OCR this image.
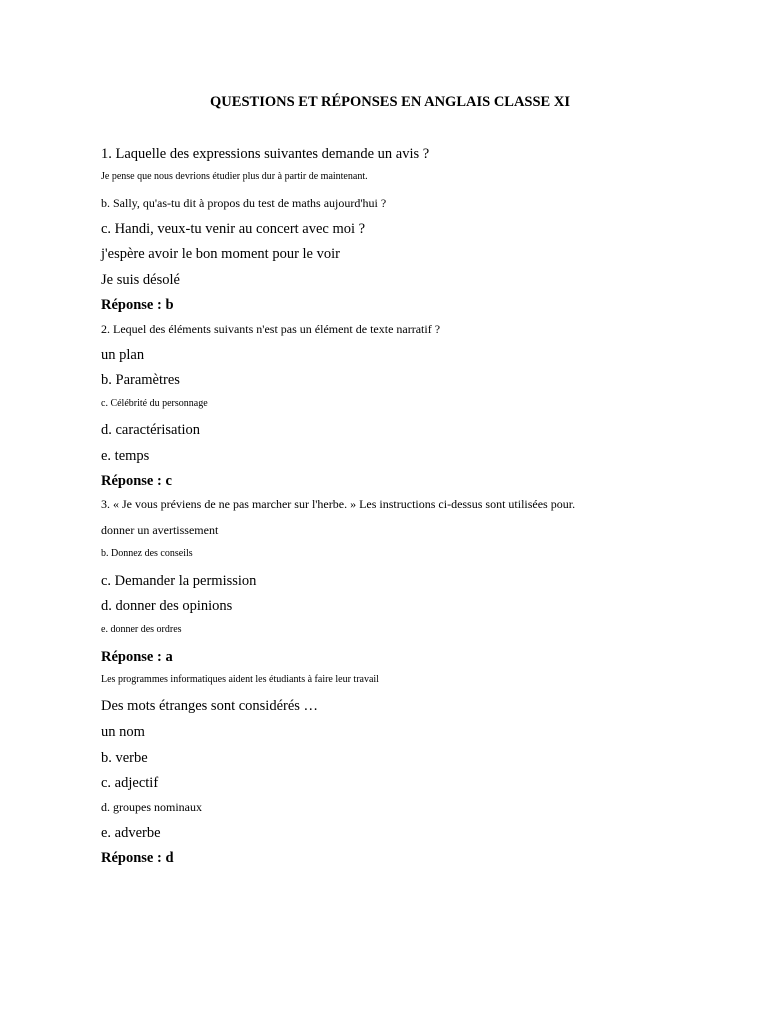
QUESTIONS ET RÉPONSES EN ANGLAIS CLASSE XI
1. Laquelle des expressions suivantes demande un avis ?
Je pense que nous devrions étudier plus dur à partir de maintenant.
b. Sally, qu'as-tu dit à propos du test de maths aujourd'hui ?
c. Handi, veux-tu venir au concert avec moi ?
j'espère avoir le bon moment pour le voir
Je suis désolé
Réponse : b
2. Lequel des éléments suivants n'est pas un élément de texte narratif ?
un plan
b. Paramètres
c. Célébrité du personnage
d. caractérisation
e. temps
Réponse : c
3. « Je vous préviens de ne pas marcher sur l'herbe. » Les instructions ci-dessus sont utilisées pour.
donner un avertissement
b. Donnez des conseils
c. Demander la permission
d. donner des opinions
e. donner des ordres
Réponse : a
Les programmes informatiques aident les étudiants à faire leur travail
Des mots étranges sont considérés …
un nom
b. verbe
c. adjectif
d. groupes nominaux
e. adverbe
Réponse : d
